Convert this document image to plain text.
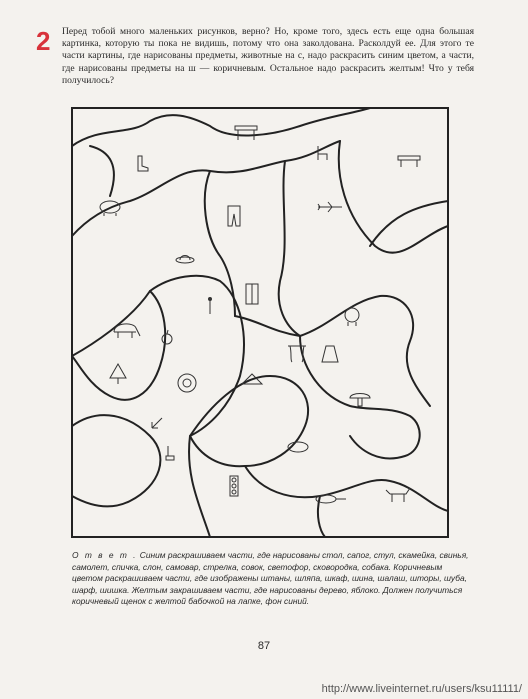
2 Перед тобой много маленьких рисунков, верно? Но, кроме того, здесь есть еще одна большая картинка, которую ты пока не видишь, потому что она заколдована. Расколдуй ее. Для этого те части картины, где нарисованы предметы, животные на с, надо раскрасить синим цветом, а части, где нарисованы предметы на ш — коричневым. Остальное надо раскрасить желтым! Что у тебя получилось?

О т в е т . Синим раскрашиваем части, где нарисованы стол, сапог, стул, скамейка, свинья, самолет, спичка, слон, самовар, стрелка, совок, светофор, сковородка, собака. Коричневым цветом раскрашиваем части, где изображены штаны, шляпа, шкаф, шина, шалаш, шторы, шуба, шарф, шишка. Желтым закрашиваем части, где нарисованы дерево, яблоко. Должен получиться коричневый щенок с желтой бабочкой на лапке, фон синий.

87
http://www.liveinternet.ru/users/ksu11111/
